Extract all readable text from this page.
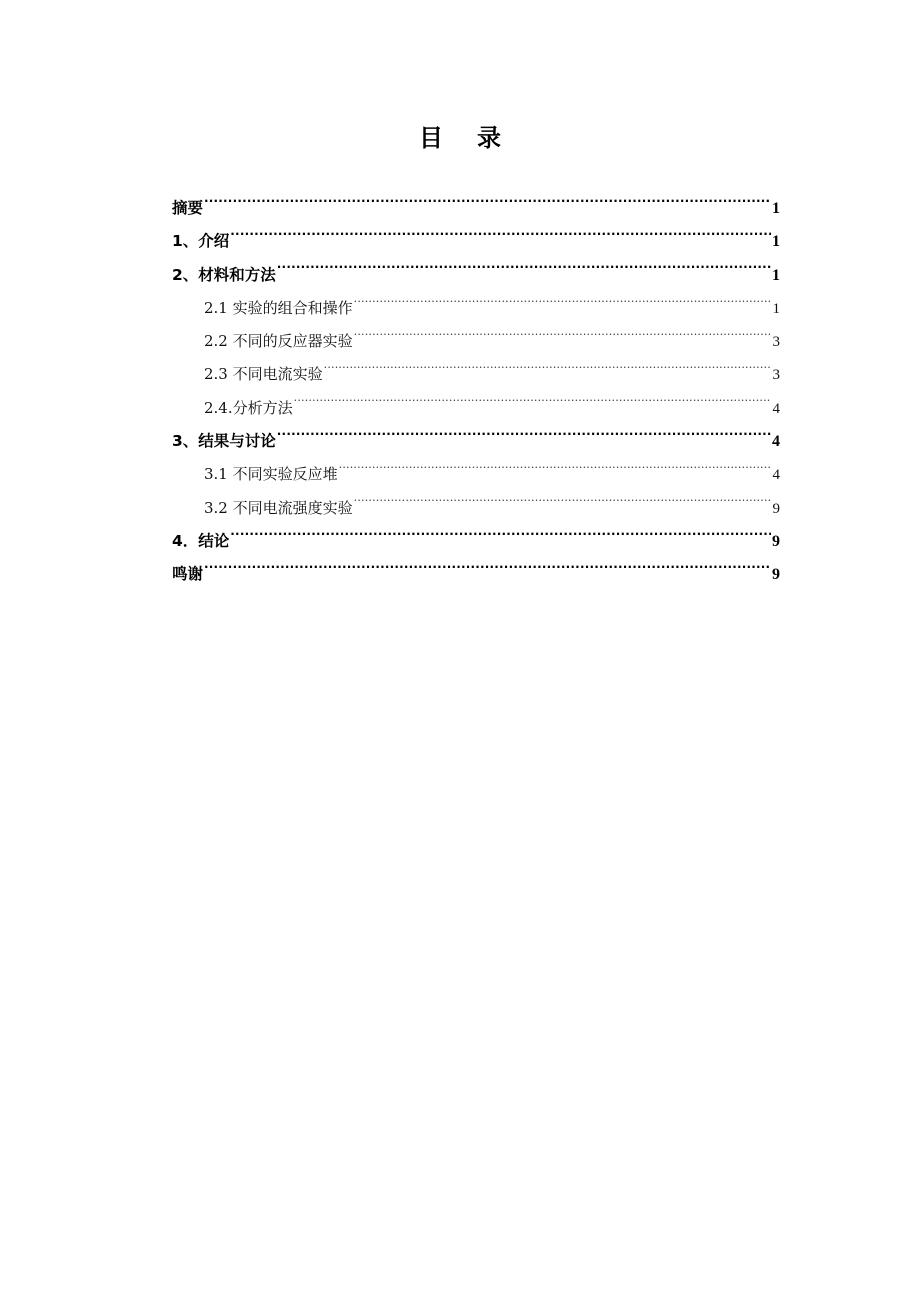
目 录
摘要 .....	1
1、介绍 .....	1
2、材料和方法 .....	1
2.1 实验的组合和操作 .....	1
2.2 不同的反应器实验 .....	3
2.3 不同电流实验 .....	3
2.4.分析方法 .....	4
3、结果与讨论 .....	4
3.1 不同实验反应堆 .....	4
3.2 不同电流强度实验 .....	9
4．结论 .....	9
鸣谢 .....	9
